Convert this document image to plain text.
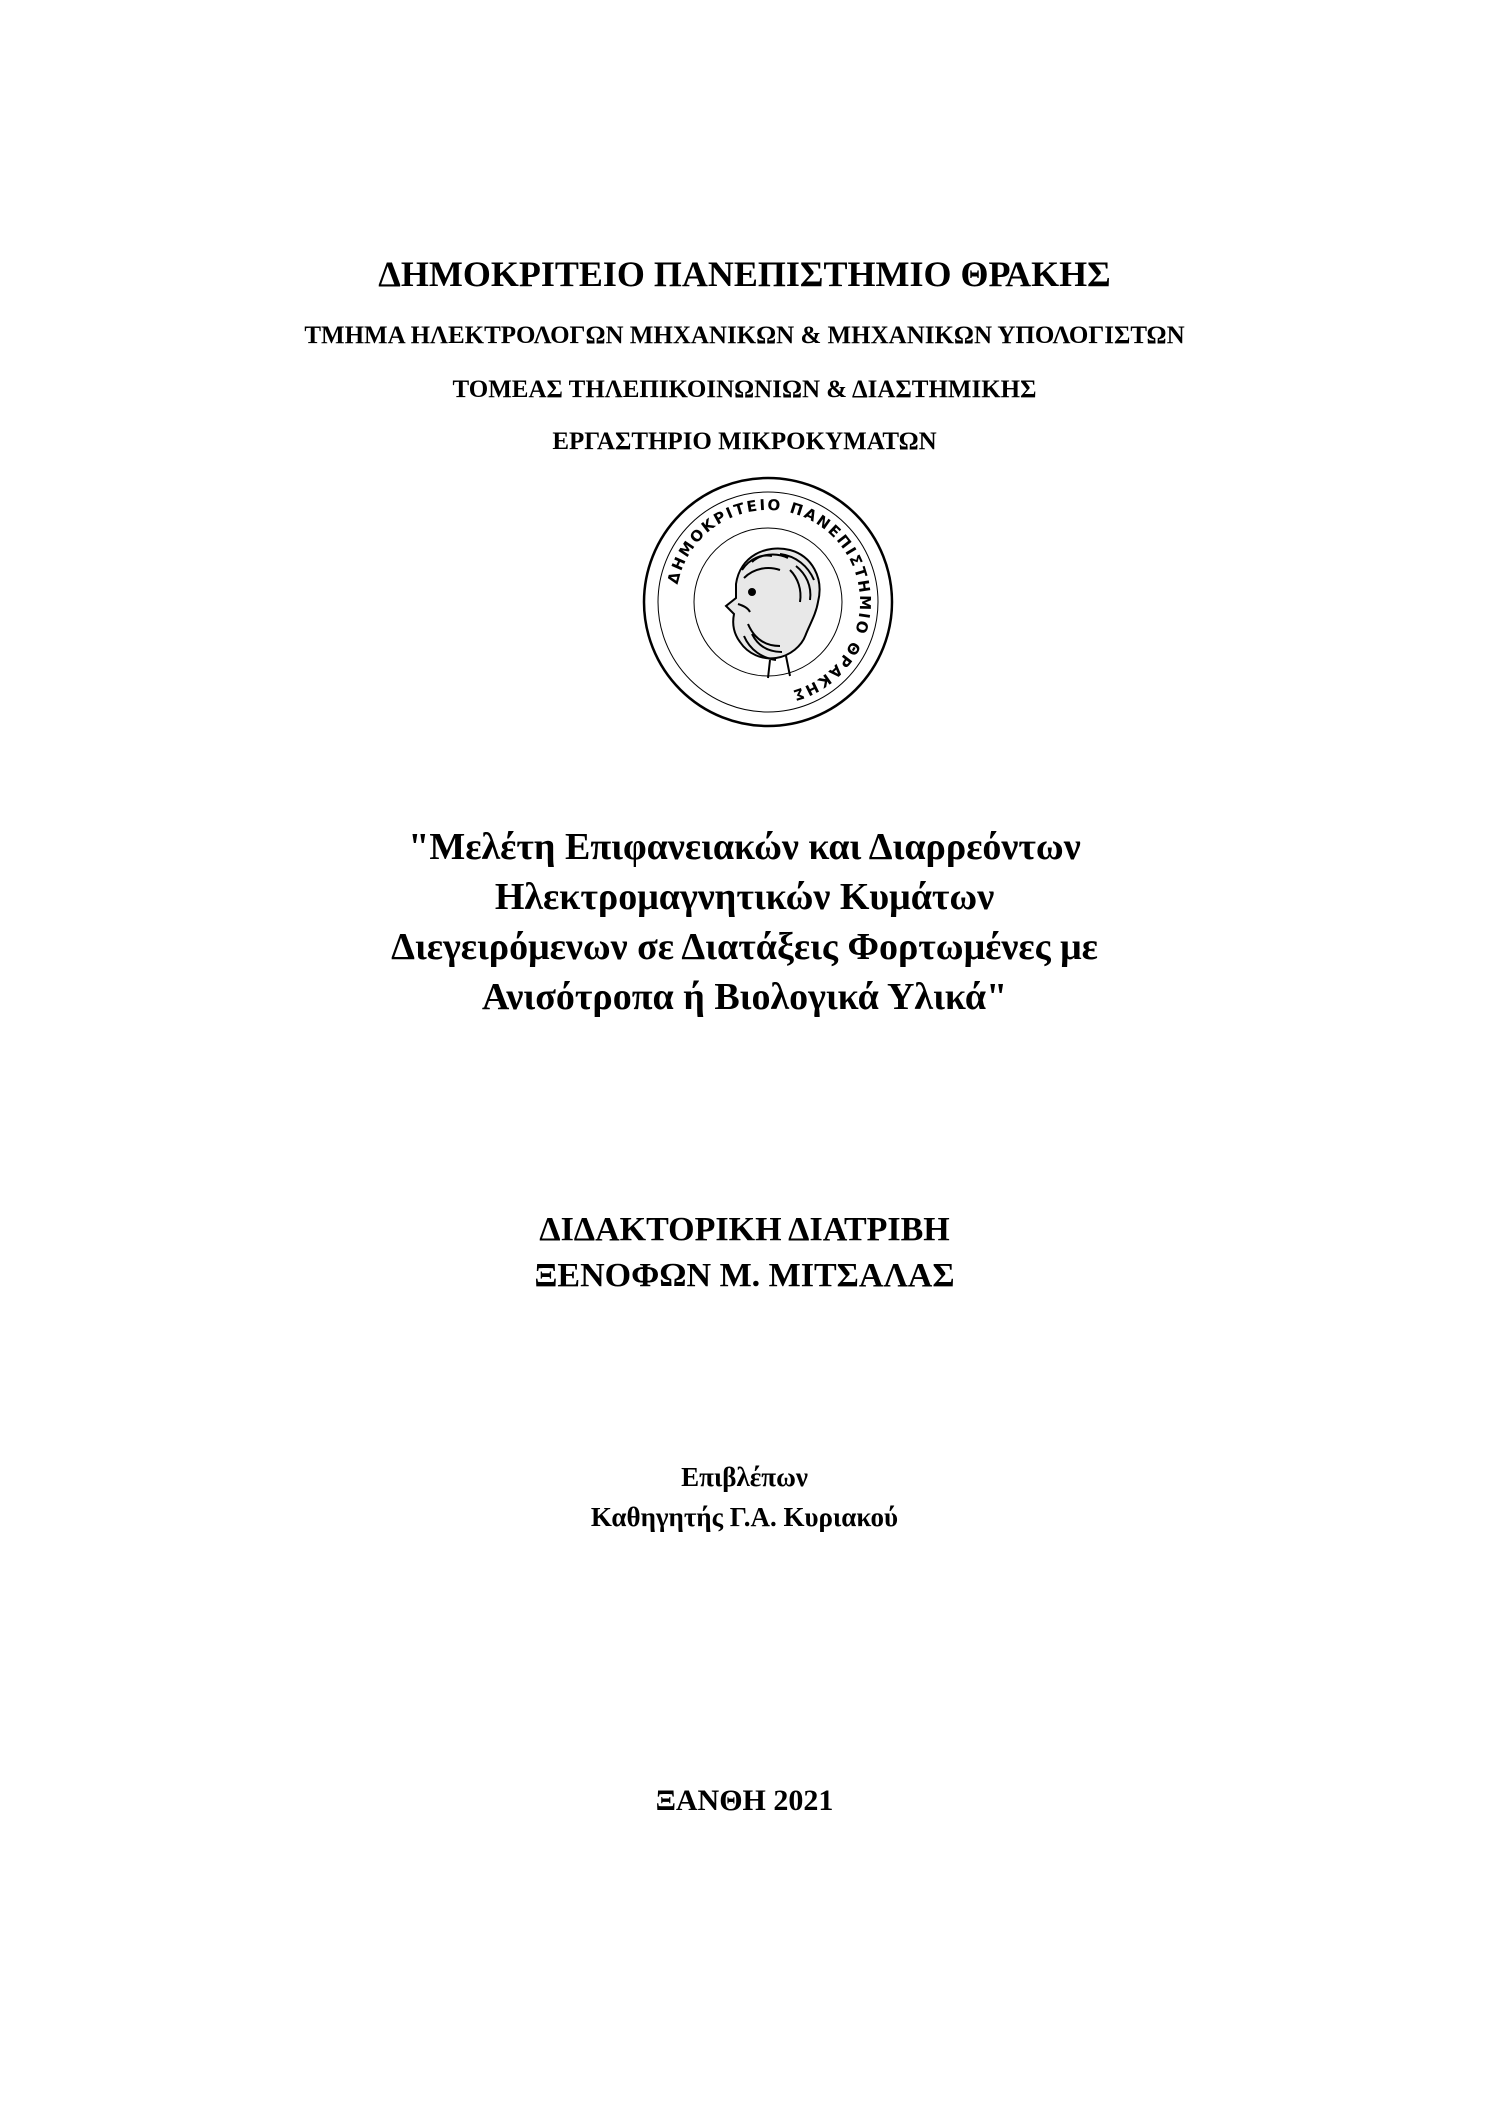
ΔΗΜΟΚΡΙΤΕΙΟ ΠΑΝΕΠΙΣΤΗΜΙΟ ΘΡΑΚΗΣ
ΤΜΗΜΑ ΗΛΕΚΤΡΟΛΟΓΩΝ ΜΗΧΑΝΙΚΩΝ & ΜΗΧΑΝΙΚΩΝ ΥΠΟΛΟΓΙΣΤΩΝ
ΤΟΜΕΑΣ ΤΗΛΕΠΙΚΟΙΝΩΝΙΩΝ & ΔΙΑΣΤΗΜΙΚΗΣ
ΕΡΓΑΣΤΗΡΙΟ ΜΙΚΡΟΚΥΜΑΤΩΝ
ΔΗΜΟΚΡΙΤΕΙΟ ΠΑΝΕΠΙΣΤΗΜΙΟ ΘΡΑΚΗΣ
"Μελέτη Επιφανειακών και Διαρρεόντων
Ηλεκτρομαγνητικών Κυμάτων
Διεγειρόμενων σε Διατάξεις Φορτωμένες με
Ανισότροπα ή Βιολογικά Υλικά"
ΔΙΔΑΚΤΟΡΙΚΗ ΔΙΑΤΡΙΒΗ
ΞΕΝΟΦΩΝ Μ. ΜΙΤΣΑΛΑΣ
Επιβλέπων
Καθηγητής Γ.Α. Κυριακού
ΞΑΝΘΗ 2021
